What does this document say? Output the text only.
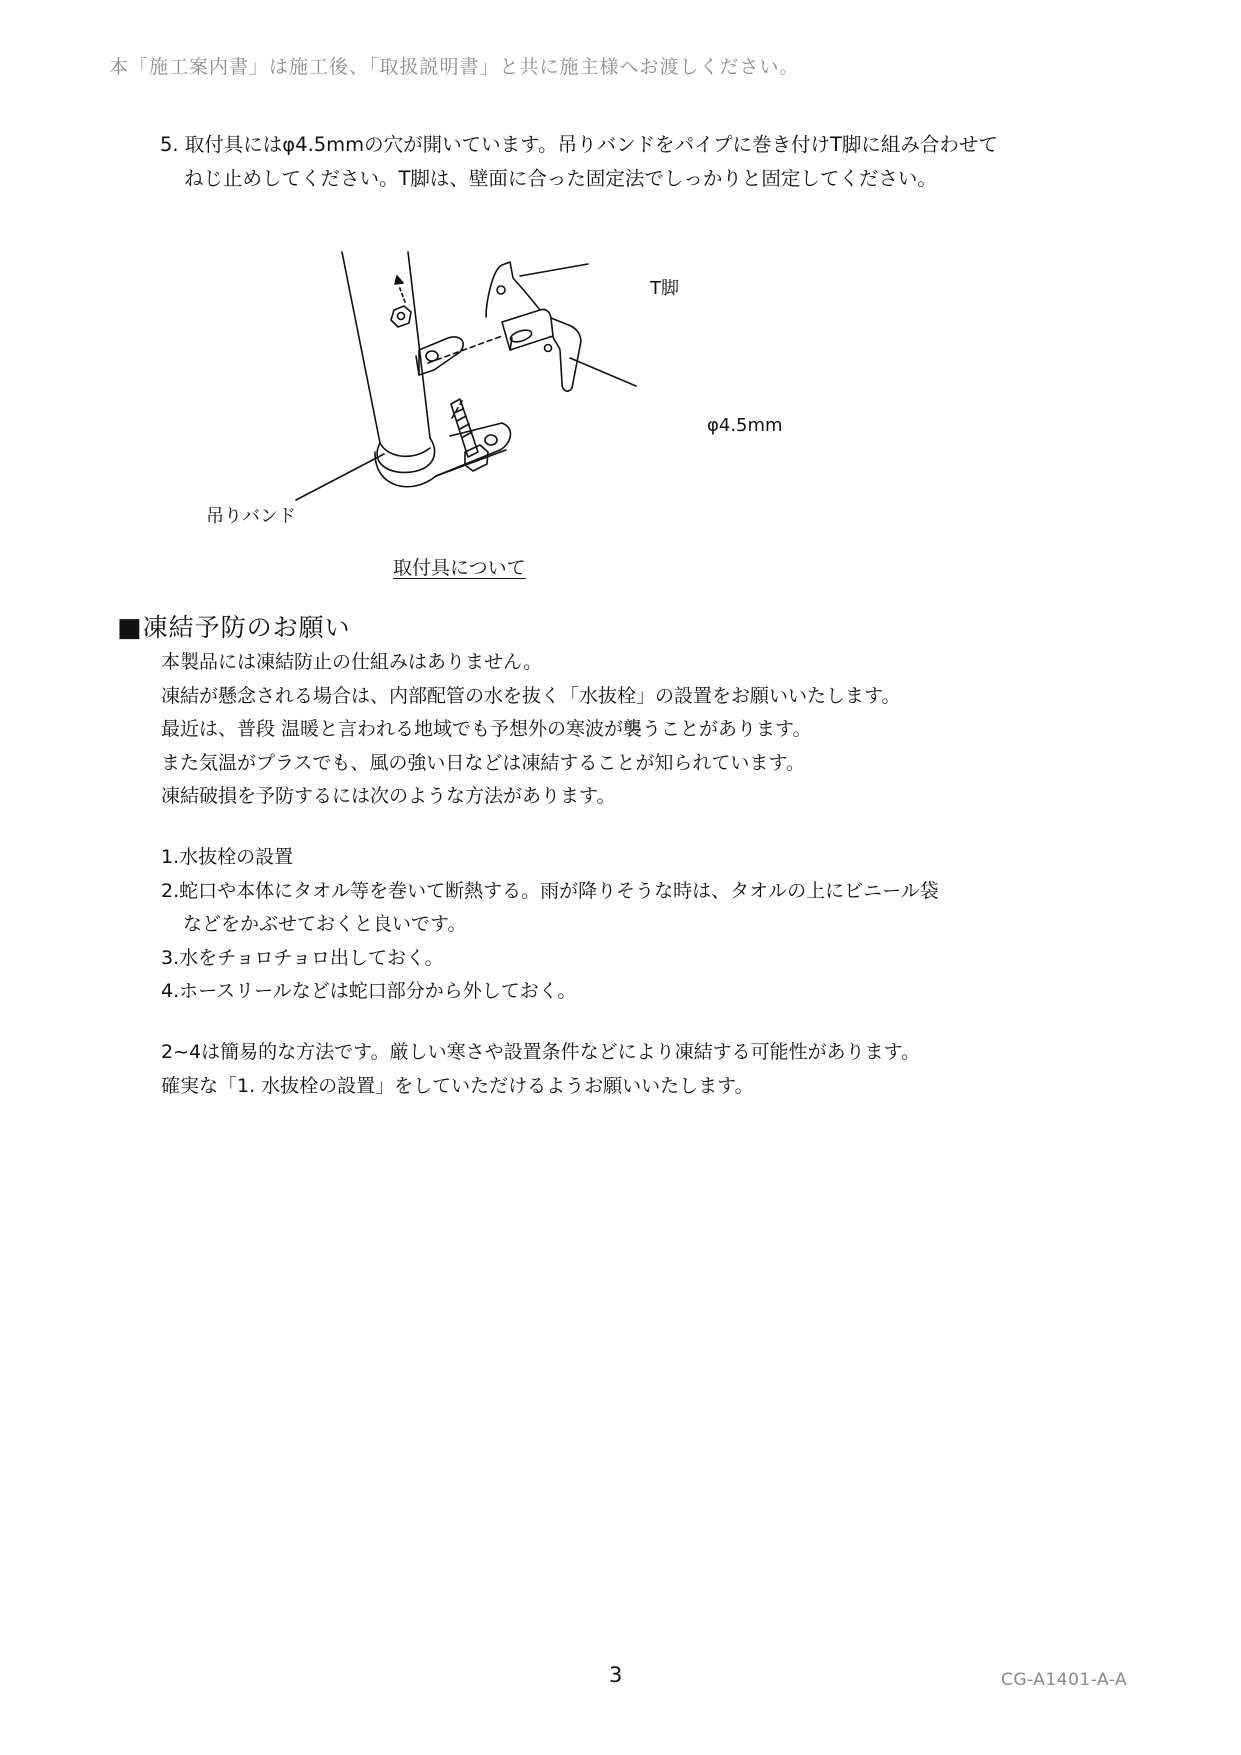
本「施工案内書」は施工後、「取扱説明書」と共に施主様へお渡しください。
5. 取付具にはφ4.5mmの穴が開いています。吊りバンドをパイプに巻き付けT脚に組み合わせて
ねじ止めしてください。T脚は、壁面に合った固定法でしっかりと固定してください。
T脚
φ4.5mm
吊りバンド
取付具について
■凍結予防のお願い

本製品には凍結防止の仕組みはありません。

凍結が懸念される場合は、内部配管の水を抜く「水抜栓」の設置をお願いいたします。

最近は、普段 温暖と言われる地域でも予想外の寒波が襲うことがあります。

また気温がプラスでも、風の強い日などは凍結することが知られています。

凍結破損を予防するには次のような方法があります。

1.水抜栓の設置

2.蛇口や本体にタオル等を巻いて断熱する。雨が降りそうな時は、タオルの上にビニール袋

などをかぶせておくと良いです。

3.水をチョロチョロ出しておく。

4.ホースリールなどは蛇口部分から外しておく。

2~4は簡易的な方法です。厳しい寒さや設置条件などにより凍結する可能性があります。

確実な「1. 水抜栓の設置」をしていただけるようお願いいたします。

3	CG-A1401-A-A
